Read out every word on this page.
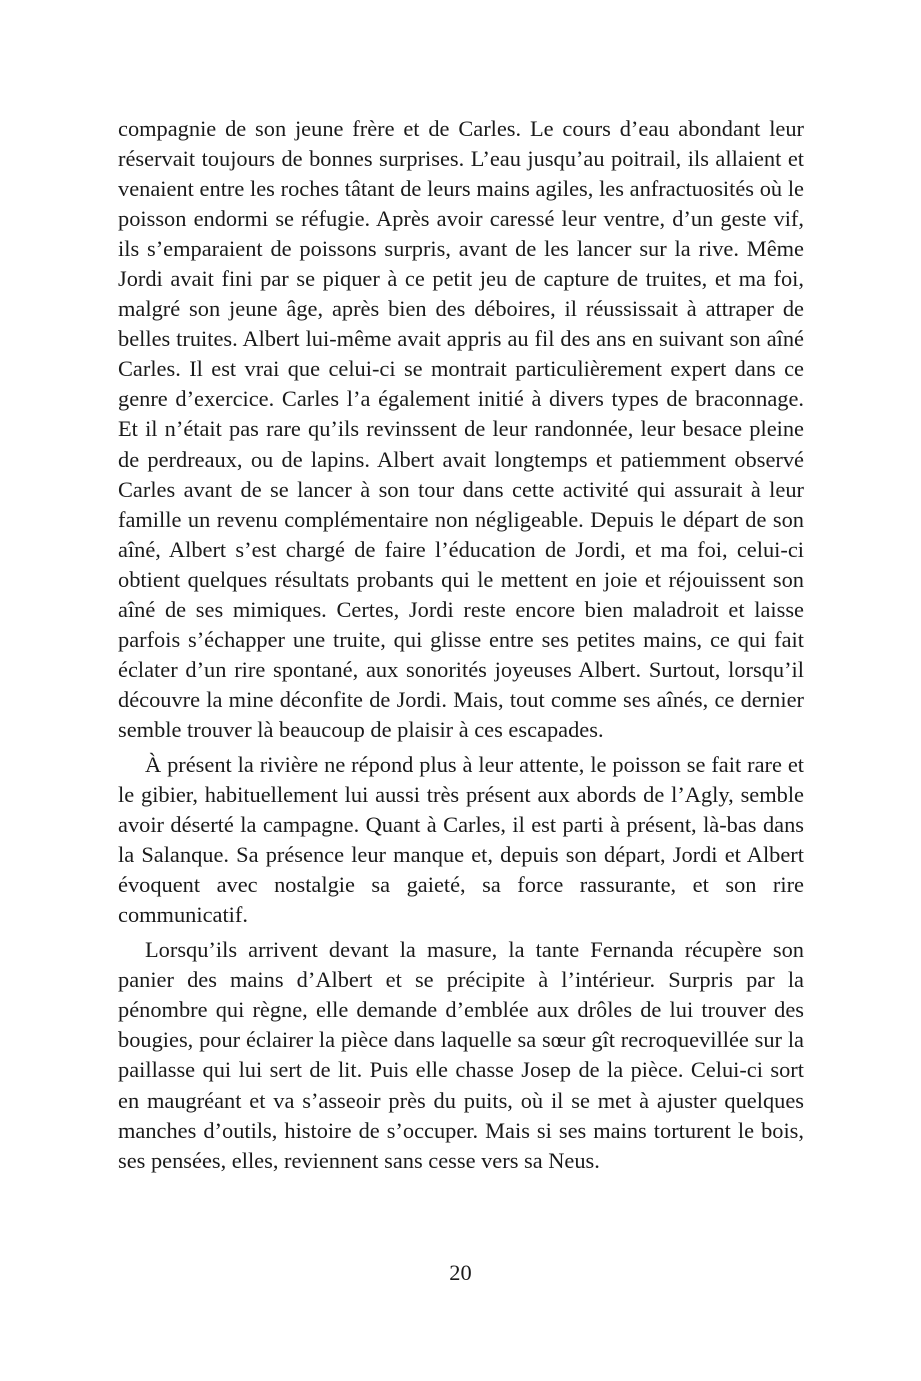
compagnie de son jeune frère et de Carles. Le cours d’eau abondant leur réservait toujours de bonnes surprises. L’eau jusqu’au poitrail, ils allaient et venaient entre les roches tâtant de leurs mains agiles, les anfractuosités où le poisson endormi se réfugie. Après avoir caressé leur ventre, d’un geste vif, ils s’emparaient de poissons surpris, avant de les lancer sur la rive. Même Jordi avait fini par se piquer à ce petit jeu de capture de truites, et ma foi, malgré son jeune âge, après bien des déboires, il réussissait à attraper de belles truites. Albert lui-même avait appris au fil des ans en suivant son aîné Carles. Il est vrai que celui-ci se montrait particulièrement expert dans ce genre d’exercice. Carles l’a également initié à divers types de braconnage. Et il n’était pas rare qu’ils revinssent de leur randonnée, leur besace pleine de perdreaux, ou de lapins. Albert avait longtemps et patiemment observé Carles avant de se lancer à son tour dans cette activité qui assurait à leur famille un revenu complémentaire non négligeable. Depuis le départ de son aîné, Albert s’est chargé de faire l’éducation de Jordi, et ma foi, celui-ci obtient quelques résultats probants qui le mettent en joie et réjouissent son aîné de ses mimiques. Certes, Jordi reste encore bien maladroit et laisse parfois s’échapper une truite, qui glisse entre ses petites mains, ce qui fait éclater d’un rire spontané, aux sonorités joyeuses Albert. Surtout, lorsqu’il découvre la mine déconfite de Jordi. Mais, tout comme ses aînés, ce dernier semble trouver là beaucoup de plaisir à ces escapades.

À présent la rivière ne répond plus à leur attente, le poisson se fait rare et le gibier, habituellement lui aussi très présent aux abords de l’Agly, semble avoir déserté la campagne. Quant à Carles, il est parti à présent, là-bas dans la Salanque. Sa présence leur manque et, depuis son départ, Jordi et Albert évoquent avec nostalgie sa gaieté, sa force rassurante, et son rire communicatif.

Lorsqu’ils arrivent devant la masure, la tante Fernanda récupère son panier des mains d’Albert et se précipite à l’intérieur. Surpris par la pénombre qui règne, elle demande d’emblée aux drôles de lui trouver des bougies, pour éclairer la pièce dans laquelle sa sœur gît recroquevillée sur la paillasse qui lui sert de lit. Puis elle chasse Josep de la pièce. Celui-ci sort en maugréant et va s’asseoir près du puits, où il se met à ajuster quelques manches d’outils, histoire de s’occuper. Mais si ses mains torturent le bois, ses pensées, elles, reviennent sans cesse vers sa Neus.

20
